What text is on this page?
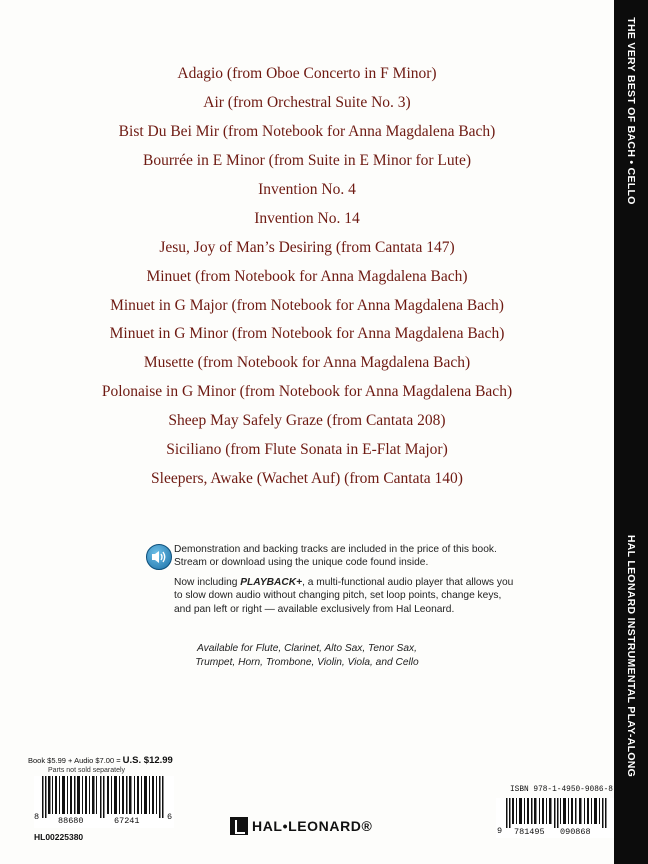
Adagio (from Oboe Concerto in F Minor)
Air (from Orchestral Suite No. 3)
Bist Du Bei Mir (from Notebook for Anna Magdalena Bach)
Bourrée in E Minor (from Suite in E Minor for Lute)
Invention No. 4
Invention No. 14
Jesu, Joy of Man’s Desiring (from Cantata 147)
Minuet (from Notebook for Anna Magdalena Bach)
Minuet in G Major (from Notebook for Anna Magdalena Bach)
Minuet in G Minor (from Notebook for Anna Magdalena Bach)
Musette (from Notebook for Anna Magdalena Bach)
Polonaise in G Minor (from Notebook for Anna Magdalena Bach)
Sheep May Safely Graze (from Cantata 208)
Siciliano (from Flute Sonata in E-Flat Major)
Sleepers, Awake (Wachet Auf) (from Cantata 140)
Demonstration and backing tracks are included in the price of this book.
Stream or download using the unique code found inside.
Now including PLAYBACK+, a multi-functional audio player that allows you
to slow down audio without changing pitch, set loop points, change keys,
and pan left or right — available exclusively from Hal Leonard.
Available for Flute, Clarinet, Alto Sax, Tenor Sax,
Trumpet, Horn, Trombone, Violin, Viola, and Cello
Book $5.99 + Audio $7.00 = U.S. $12.99
Parts not sold separately
8 88680	67241	6
HL00225380
HAL•LEONARD®
ISBN 978-1-4950-9086-8
9 781495 090868
THE VERY BEST OF BACH • CELLO
HAL LEONARD INSTRUMENTAL PLAY-ALONG
